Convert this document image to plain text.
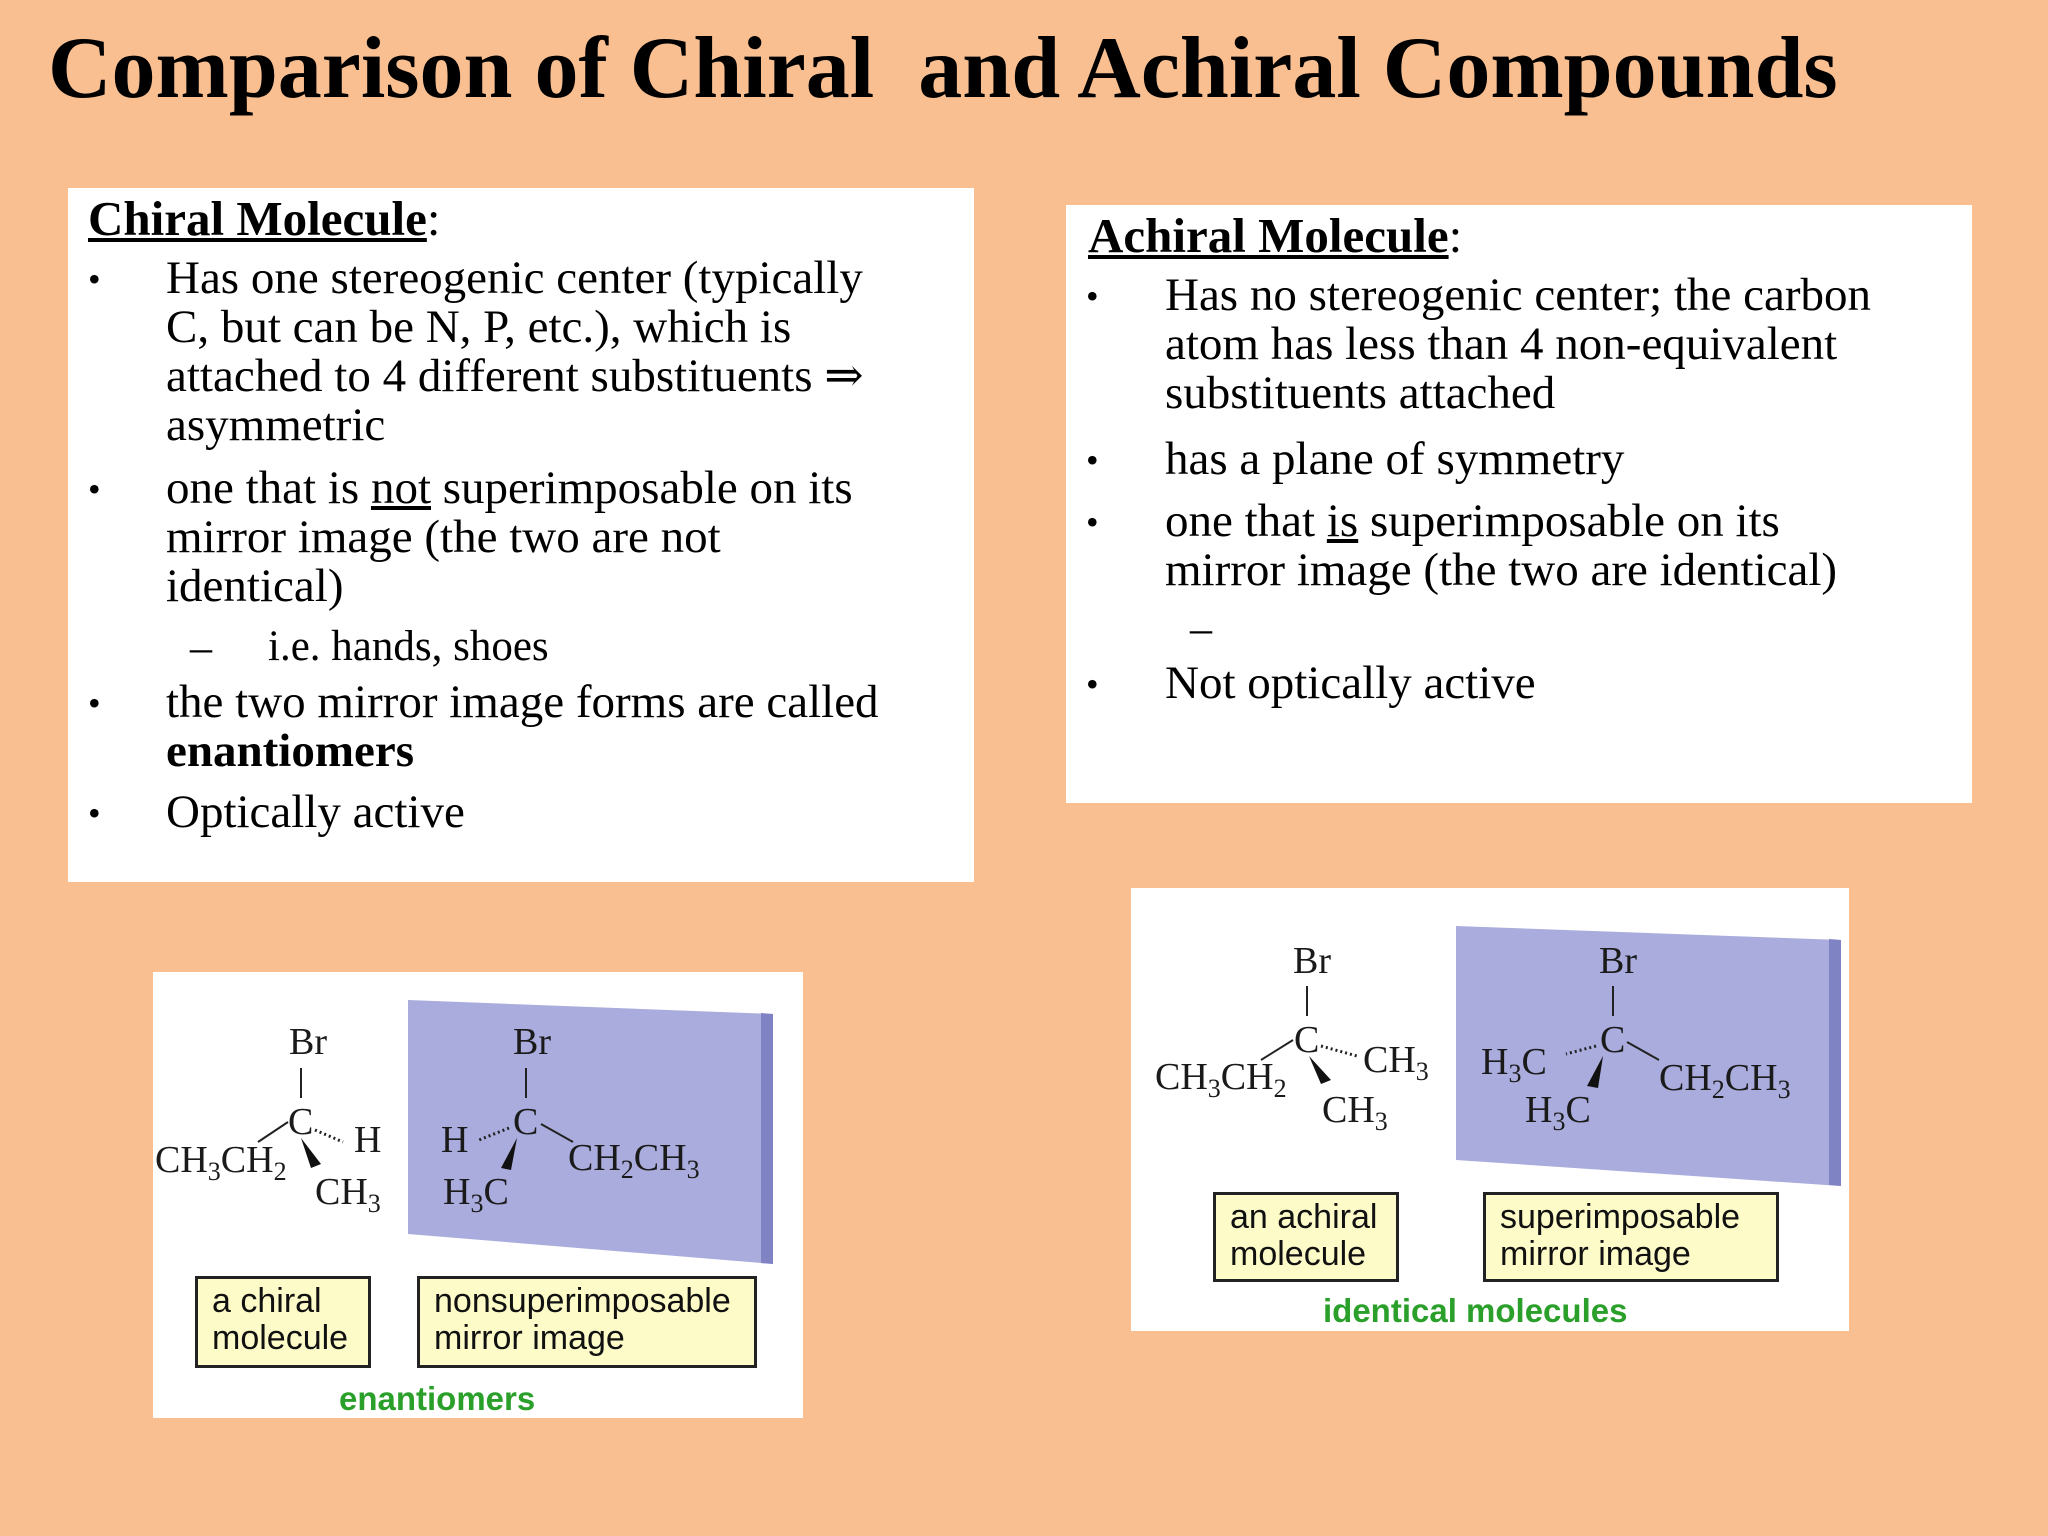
Comparison of Chiral  and Achiral Compounds
Chiral Molecule:
• Has one stereogenic center (typically
C, but can be N, P, etc.), which is
attached to 4 different substituents ⇒
asymmetric
• one that is not superimposable on its
mirror image (the two are not
identical)
– i.e. hands, shoes
• the two mirror image forms are called
enantiomers
• Optically active
Achiral Molecule:
• Has no stereogenic center; the carbon
atom has less than 4 non-equivalent
substituents attached
• has a plane of symmetry
• one that is superimposable on its
mirror image (the two are identical)
–
• Not optically active
Br
C
$CH_3CH_2$
H
$CH_3$
Br
C
H	$CH_2CH_3$
$H_3C$
a chiral
molecule
nonsuperimposable
mirror image
enantiomers
Br
C
$CH_3CH_2$
$CH_3$
$CH_3$
Br
C
$H_3C$	$CH_2CH_3$
$H_3C$
an achiral
molecule
superimposable
mirror image
identical molecules
